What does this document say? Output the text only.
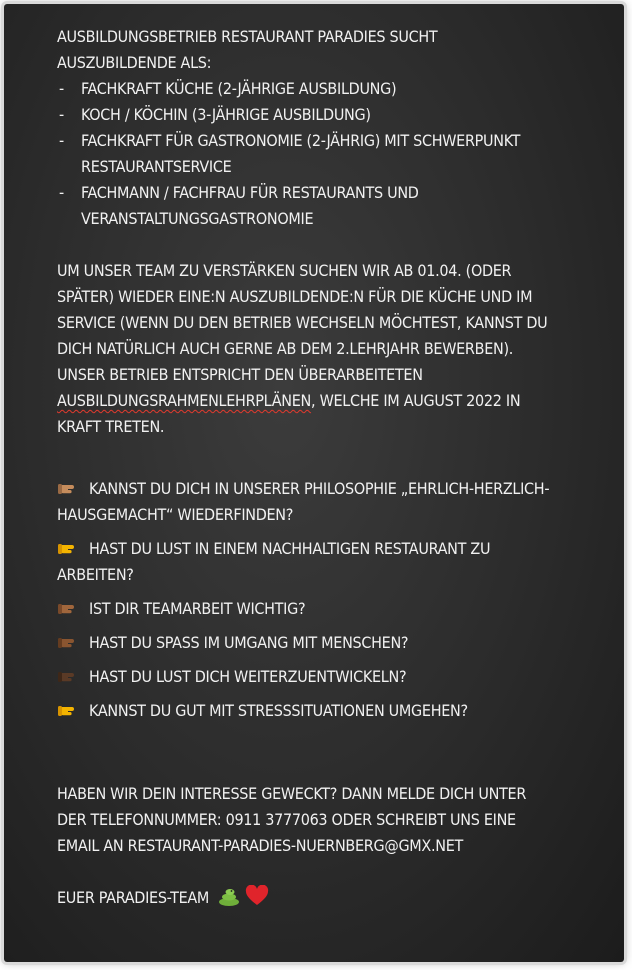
AUSBILDUNGSBETRIEB RESTAURANT PARADIES SUCHT AUSZUBILDENDE ALS:
- FACHKRAFT KÜCHE (2-JÄHRIGE AUSBILDUNG)
- KOCH / KÖCHIN (3-JÄHRIGE AUSBILDUNG)
- FACHKRAFT FÜR GASTRONOMIE (2-JÄHRIG) MIT SCHWERPUNKT RESTAURANTSERVICE
- FACHMANN / FACHFRAU FÜR RESTAURANTS UND VERANSTALTUNGSGASTRONOMIE
UM UNSER TEAM ZU VERSTÄRKEN SUCHEN WIR AB 01.04. (ODER SPÄTER) WIEDER EINE:N AUSZUBILDENDE:N FÜR DIE KÜCHE UND IM SERVICE (WENN DU DEN BETRIEB WECHSELN MÖCHTEST, KANNST DU DICH NATÜRLICH AUCH GERNE AB DEM 2.LEHRJAHR BEWERBEN). UNSER BETRIEB ENTSPRICHT DEN ÜBERARBEITETEN AUSBILDUNGSRAHMENLEHRPLÄNEN, WELCHE IM AUGUST 2022 IN KRAFT TRETEN.
KANNST DU DICH IN UNSERER PHILOSOPHIE „EHRLICH-HERZLICH-HAUSGEMACHT“ WIEDERFINDEN?
HAST DU LUST IN EINEM NACHHALTIGEN RESTAURANT ZU ARBEITEN?
IST DIR TEAMARBEIT WICHTIG?
HAST DU SPASS IM UMGANG MIT MENSCHEN?
HAST DU LUST DICH WEITERZUENTWICKELN?
KANNST DU GUT MIT STRESSSITUATIONEN UMGEHEN?
HABEN WIR DEIN INTERESSE GEWECKT? DANN MELDE DICH UNTER DER TELEFONNUMMER: 0911 3777063 ODER SCHREIBT UNS EINE EMAIL AN RESTAURANT-PARADIES-NUERNBERG@GMX.NET
EUER PARADIES-TEAM
